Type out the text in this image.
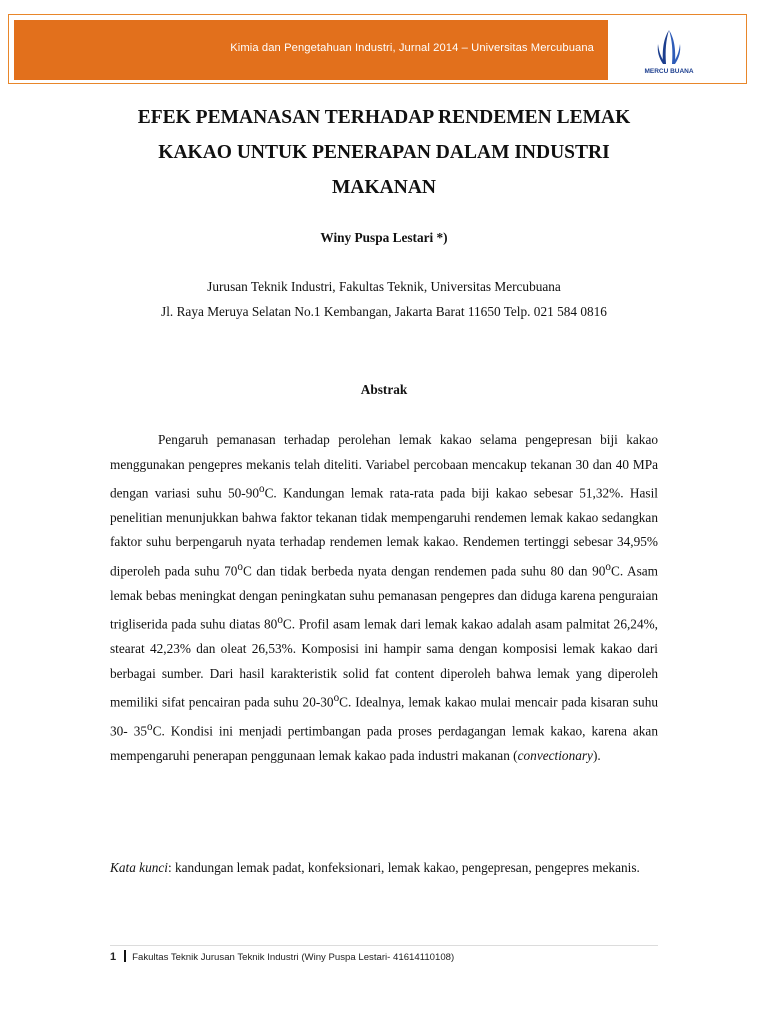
Kimia dan Pengetahuan Industri, Jurnal 2014 – Universitas Mercubuana
MERCU BUANA
EFEK PEMANASAN TERHADAP RENDEMEN LEMAK
KAKAO UNTUK PENERAPAN DALAM INDUSTRI
MAKANAN
Winy Puspa Lestari *)
Jurusan Teknik Industri, Fakultas Teknik, Universitas Mercubuana
Jl. Raya Meruya Selatan No.1 Kembangan, Jakarta Barat 11650 Telp. 021 584 0816
Abstrak

Pengaruh pemanasan terhadap perolehan lemak kakao selama pengepresan biji kakao menggunakan pengepres mekanis telah diteliti. Variabel percobaan mencakup tekanan 30 dan 40 MPa dengan variasi suhu 50-90$^o$C. Kandungan lemak rata-rata pada biji kakao sebesar 51,32%. Hasil penelitian menunjukkan bahwa faktor tekanan tidak mempengaruhi rendemen lemak kakao sedangkan faktor suhu berpengaruh nyata terhadap rendemen lemak kakao. Rendemen tertinggi sebesar 34,95% diperoleh pada suhu 70$^o$C dan tidak berbeda nyata dengan rendemen pada suhu 80 dan 90$^o$C. Asam lemak bebas meningkat dengan peningkatan suhu pemanasan pengepres dan diduga karena penguraian trigliserida pada suhu diatas 80$^o$C. Profil asam lemak dari lemak kakao adalah asam palmitat 26,24%, stearat 42,23% dan oleat 26,53%. Komposisi ini hampir sama dengan komposisi lemak kakao dari berbagai sumber. Dari hasil karakteristik solid fat content diperoleh bahwa lemak yang diperoleh memiliki sifat pencairan pada suhu 20-30$^o$C. Idealnya, lemak kakao mulai mencair pada kisaran suhu 30- 35$^o$C. Kondisi ini menjadi pertimbangan pada proses perdagangan lemak kakao, karena akan mempengaruhi penerapan penggunaan lemak kakao pada industri makanan (convectionary).

Kata kunci: kandungan lemak padat, konfeksionari, lemak kakao, pengepresan, pengepres mekanis.

1 Fakultas Teknik Jurusan Teknik Industri (Winy Puspa Lestari- 41614110108)
